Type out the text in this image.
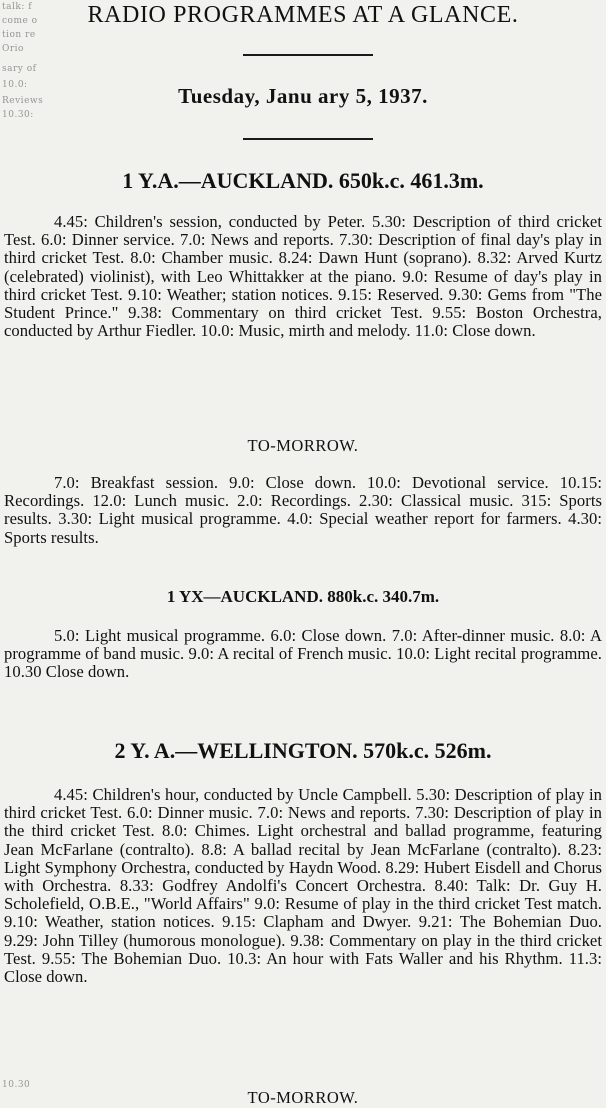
talk: f
come o
tion re
Orio
sary of
10.0:
Reviews
10.30:
10.30
RADIO PROGRAMMES AT A GLANCE.
Tuesday, Janu ary 5, 1937.
1 Y.A.—AUCKLAND. 650k.c. 461.3m.

4.45: Children's session, conducted by Peter. 5.30: Description of third cricket Test. 6.0: Dinner service. 7.0: News and reports. 7.30: Description of final day's play in third cricket Test. 8.0: Chamber music. 8.24: Dawn Hunt (soprano). 8.32: Arved Kurtz (celebrated) violinist), with Leo Whittakker at the piano. 9.0: Resume of day's play in third cricket Test. 9.10: Weather; station notices. 9.15: Reserved. 9.30: Gems from "The Student Prince." 9.38: Commentary on third cricket Test. 9.55: Boston Orchestra, conducted by Arthur Fiedler. 10.0: Music, mirth and melody. 11.0: Close down.

TO-MORROW.

7.0: Breakfast session. 9.0: Close down. 10.0: Devotional service. 10.15: Recordings. 12.0: Lunch music. 2.0: Recordings. 2.30: Classical music. 315: Sports results. 3.30: Light musical programme. 4.0: Special weather report for farmers. 4.30: Sports results.

1 YX—AUCKLAND. 880k.c. 340.7m.

5.0: Light musical programme. 6.0: Close down. 7.0: After-dinner music. 8.0: A programme of band music. 9.0: A recital of French music. 10.0: Light recital programme. 10.30 Close down.

2 Y. A.—WELLINGTON. 570k.c. 526m.

4.45: Children's hour, conducted by Uncle Campbell. 5.30: Description of play in third cricket Test. 6.0: Dinner music. 7.0: News and reports. 7.30: Description of play in the third cricket Test. 8.0: Chimes. Light orchestral and ballad programme, featuring Jean McFarlane (contralto). 8.8: A ballad recital by Jean McFarlane (contralto). 8.23: Light Symphony Orchestra, conducted by Haydn Wood. 8.29: Hubert Eisdell and Chorus with Orchestra. 8.33: Godfrey Andolfi's Concert Orchestra. 8.40: Talk: Dr. Guy H. Scholefield, O.B.E., "World Affairs" 9.0: Resume of play in the third cricket Test match. 9.10: Weather, station notices. 9.15: Clapham and Dwyer. 9.21: The Bohemian Duo. 9.29: John Tilley (humorous monologue). 9.38: Commentary on play in the third cricket Test. 9.55: The Bohemian Duo. 10.3: An hour with Fats Waller and his Rhythm. 11.3: Close down.

TO-MORROW.
